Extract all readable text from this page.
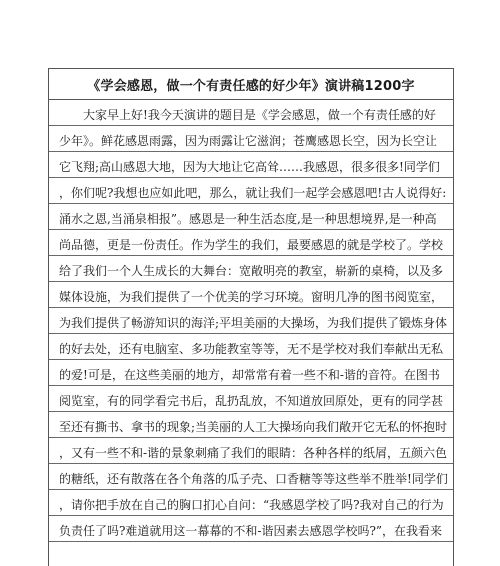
《学会感恩，做一个有责任感的好少年》演讲稿1200字
大家早上好!我今天演讲的题目是《学会感恩，做一个有责任感的好
少年》。鲜花感恩雨露，因为雨露让它滋润；苍鹰感恩长空，因为长空让
它飞翔;高山感恩大地，因为大地让它高耸……我感恩，很多很多!同学们
，你们呢?我想也应如此吧，那么，就让我们一起学会感恩吧!古人说得好:
涌水之恩,当涌泉相报”。感恩是一种生活态度,是一种思想境界,是一种高
尚品德，更是一份责任。作为学生的我们，最要感恩的就是学校了。学校
给了我们一个人生成长的大舞台：宽敞明亮的教室，崭新的桌椅，以及多
媒体设施，为我们提供了一个优美的学习环境。窗明几净的图书阅览室，
为我们提供了畅游知识的海洋;平坦美丽的大操场，为我们提供了锻炼身体
的好去处，还有电脑室、多功能教室等等，无不是学校对我们奉献出无私
的爱!可是，在这些美丽的地方，却常常有着一些不和-谐的音符。在图书
阅览室，有的同学看完书后，乱扔乱放，不知道放回原处，更有的同学甚
至还有撕书、拿书的现象;当美丽的人工大操场向我们敞开它无私的怀抱时
，又有一些不和-谐的景象刺痛了我们的眼睛：各种各样的纸屑，五颜六色
的糖纸，还有散落在各个角落的瓜子壳、口香糖等等这些举不胜举!同学们
，请你把手放在自己的胸口扪心自问：“我感恩学校了吗?我对自己的行为
负责任了吗?难道就用这一幕幕的不和-谐因素去感恩学校吗?”，在我看来
